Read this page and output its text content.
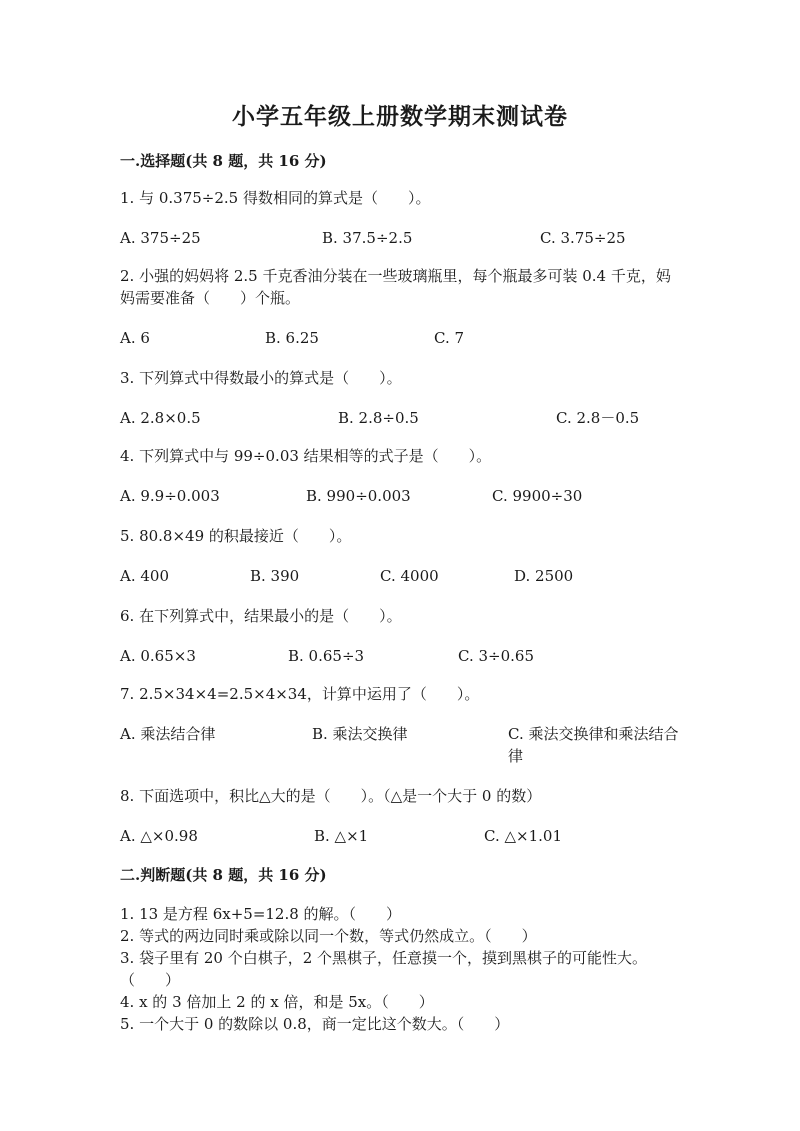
小学五年级上册数学期末测试卷
一.选择题(共 8 题，共 16 分)
1. 与 0.375÷2.5 得数相同的算式是（　　）。
A. 375÷25	B. 37.5÷2.5	C. 3.75÷25
2. 小强的妈妈将 2.5 千克香油分装在一些玻璃瓶里，每个瓶最多可装 0.4 千克，妈妈需要准备（　　）个瓶。
A. 6	B. 6.25	C. 7
3. 下列算式中得数最小的算式是（　　）。
A. 2.8×0.5	B. 2.8÷0.5	C. 2.8－0.5
4. 下列算式中与 99÷0.03 结果相等的式子是（　　）。
A. 9.9÷0.003	B. 990÷0.003	C. 9900÷30
5. 80.8×49 的积最接近（　　）。
A. 400	B. 390	C. 4000	D. 2500
6. 在下列算式中，结果最小的是（　　）。
A. 0.65×3	B. 0.65÷3	C. 3÷0.65
7. 2.5×34×4=2.5×4×34，计算中运用了（　　）。
A. 乘法结合律	B. 乘法交换律	C. 乘法交换律和乘法结合律
8. 下面选项中，积比△大的是（　　）。（△是一个大于 0 的数）
A. △×0.98	B. △×1	C. △×1.01
二.判断题(共 8 题，共 16 分)
1. 13 是方程 6x+5=12.8 的解。（　　）
2. 等式的两边同时乘或除以同一个数，等式仍然成立。（　　）
3. 袋子里有 20 个白棋子，2 个黑棋子，任意摸一个，摸到黑棋子的可能性大。（　　）
4. x 的 3 倍加上 2 的 x 倍，和是 5x。（　　）
5. 一个大于 0 的数除以 0.8，商一定比这个数大。（　　）
